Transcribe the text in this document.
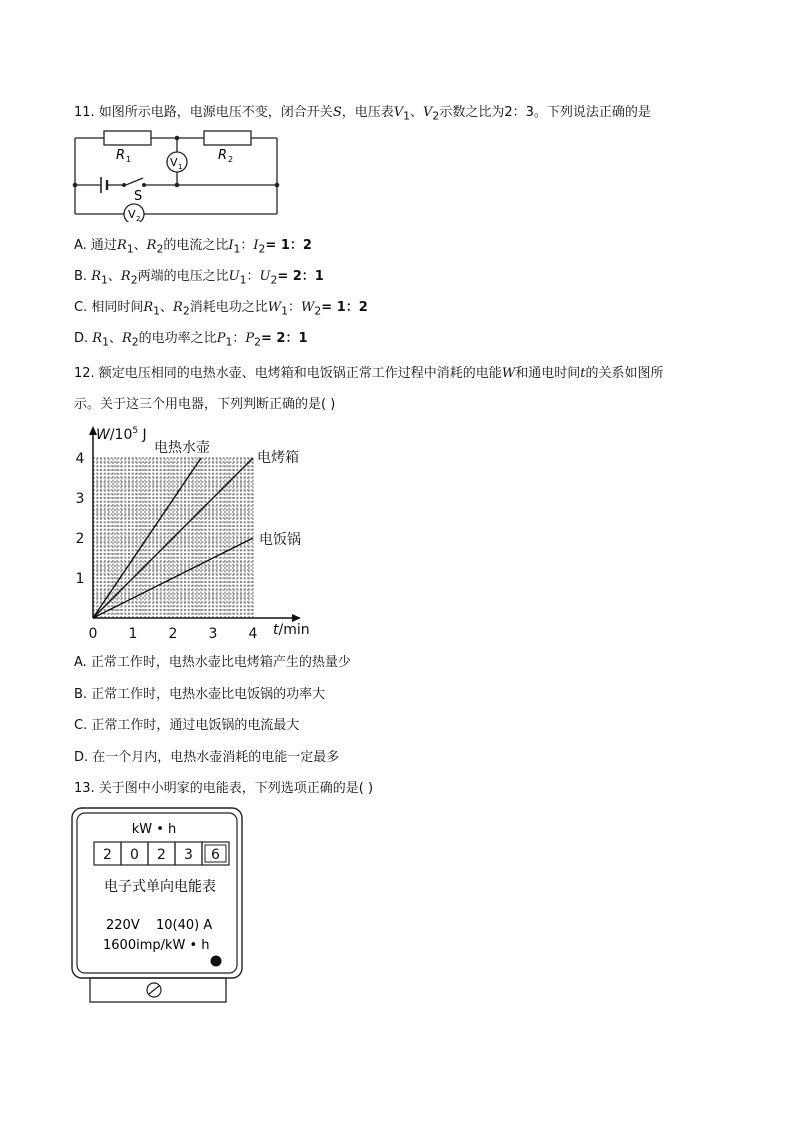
11. 如图所示电路，电源电压不变，闭合开关S，电压表$V_1$、$V_2$示数之比为2：3。下列说法正确的是
R 1	R 2
V 1
V 2
S
A. 通过$R_1$、$R_2$的电流之比$I_1$：$I_2= 1$：2
B. $R_1$、$R_2$两端的电压之比$U_1$：$U_2= 2$：1
C. 相同时间$R_1$、$R_2$消耗电功之比$W_1$：$W_2= 1$：2
D. $R_1$、$R_2$的电功率之比$P_1$：$P_2= 2$：1
12. 额定电压相同的电热水壶、电烤箱和电饭锅正常工作过程中消耗的电能W和通电时间t的关系如图所
示。关于这三个用电器，下列判断正确的是( )
0 1 2 3 4
1
2
3
4
电热水壶
电烤箱
电饭锅
$W/10^5$ J
t/min
A. 正常工作时，电热水壶比电烤箱产生的热量少
B. 正常工作时，电热水壶比电饭锅的功率大
C. 正常工作时，通过电饭锅的电流最大
D. 在一个月内，电热水壶消耗的电能一定最多
13. 关于图中小明家的电能表，下列选项正确的是( )
kW • h
2 0 2 3 6
电子式单向电能表
220V 10(40) A
1600imp/kW • h
